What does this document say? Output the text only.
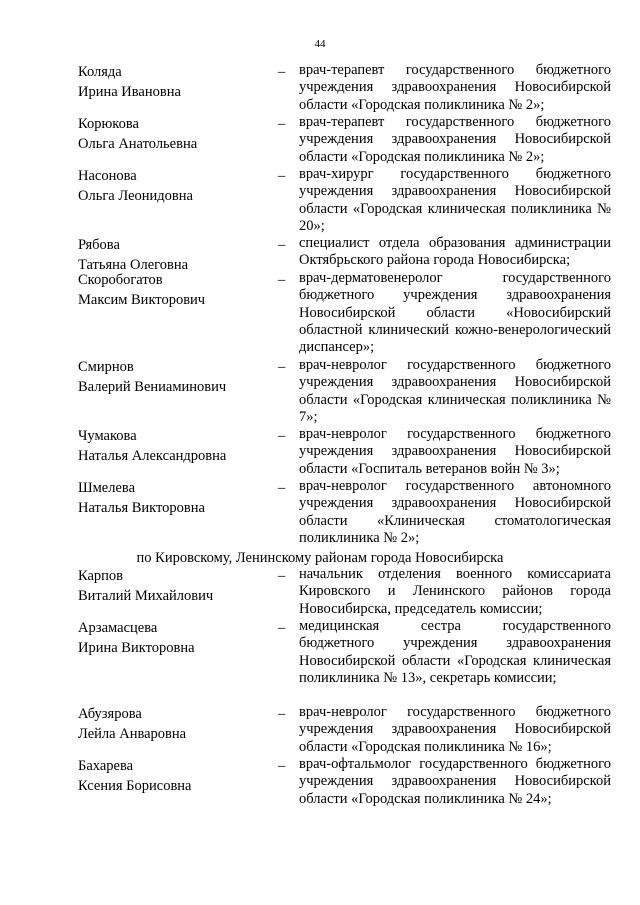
44
Коляда
Ирина Ивановна
– врач-терапевт государственного бюджетного учреждения здравоохранения Новосибирской области «Городская поликлиника № 2»;
Корюкова
Ольга Анатольевна
– врач-терапевт государственного бюджетного учреждения здравоохранения Новосибирской области «Городская поликлиника № 2»;
Насонова
Ольга Леонидовна
– врач-хирург государственного бюджетного учреждения здравоохранения Новосибирской области «Городская клиническая поликлиника № 20»;
Рябова
Татьяна Олеговна
– специалист отдела образования администрации Октябрьского района города Новосибирска;
Скоробогатов
Максим Викторович
– врач-дерматовенеролог государственного бюджетного учреждения здравоохранения Новосибирской области «Новосибирский областной клинический кожно-венерологический диспансер»;
Смирнов
Валерий Вениаминович
– врач-невролог государственного бюджетного учреждения здравоохранения Новосибирской области «Городская клиническая поликлиника № 7»;
Чумакова
Наталья Александровна
– врач-невролог государственного бюджетного учреждения здравоохранения Новосибирской области «Госпиталь ветеранов войн № 3»;
Шмелева
Наталья Викторовна
– врач-невролог государственного автономного учреждения здравоохранения Новосибирской области «Клиническая стоматологическая поликлиника № 2»;
по Кировскому, Ленинскому районам города Новосибирска
Карпов
Виталий Михайлович
– начальник отделения военного комиссариата Кировского и Ленинского районов города Новосибирска, председатель комиссии;
Арзамасцева
Ирина Викторовна
– медицинская сестра государственного бюджетного учреждения здравоохранения Новосибирской области «Городская клиническая поликлиника № 13», секретарь комиссии;
Абузярова
Лейла Анваровна
– врач-невролог государственного бюджетного учреждения здравоохранения Новосибирской области «Городская поликлиника № 16»;
Бахарева
Ксения Борисовна
– врач-офтальмолог государственного бюджетного учреждения здравоохранения Новосибирской области «Городская поликлиника № 24»;
